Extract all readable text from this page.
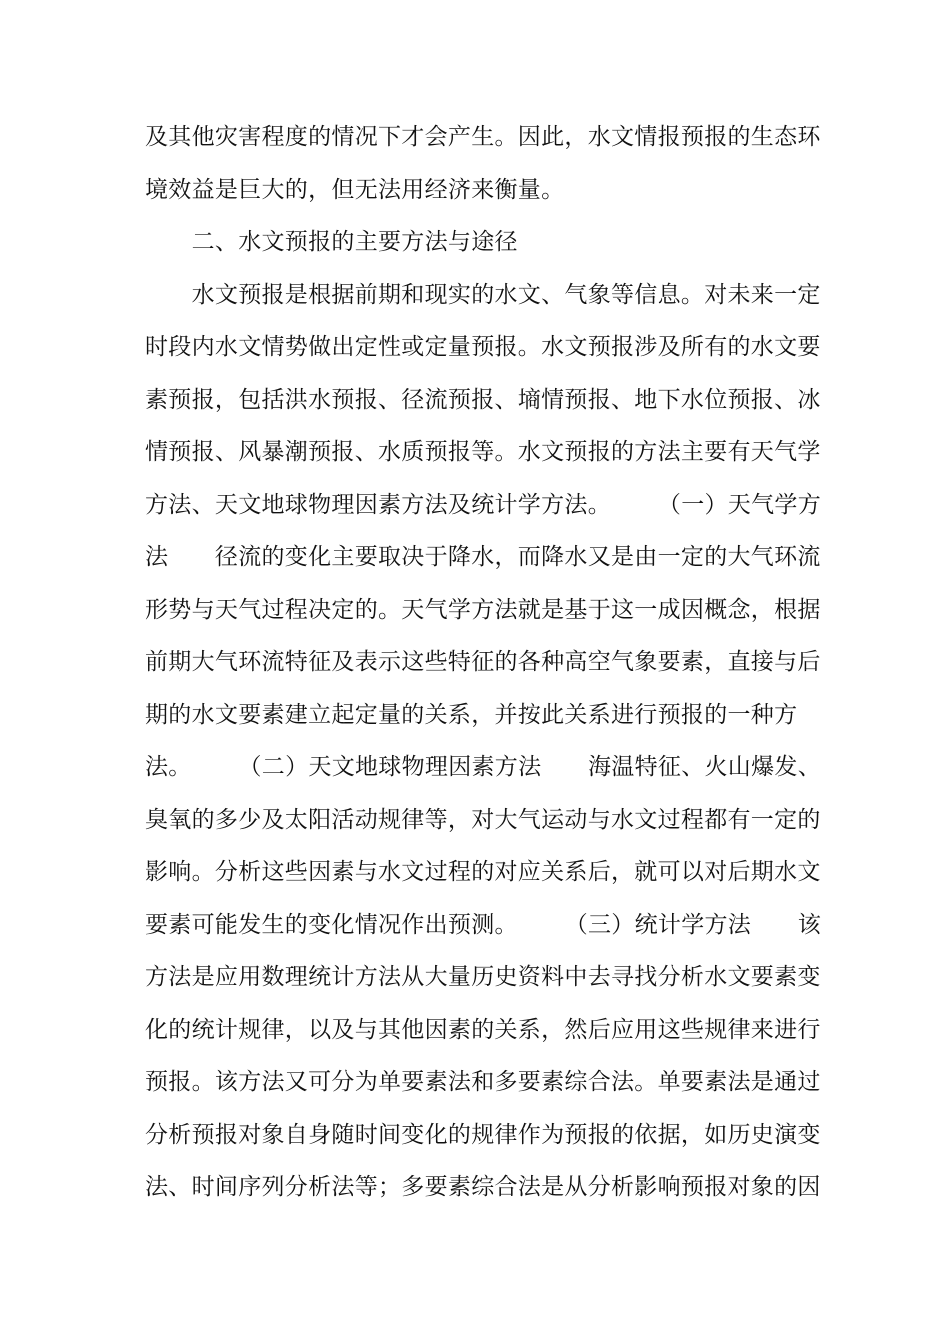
及其他灾害程度的情况下才会产生。因此，水文情报预报的生态环
境效益是巨大的，但无法用经济来衡量。
　　二、水文预报的主要方法与途径
　　水文预报是根据前期和现实的水文、气象等信息。对未来一定
时段内水文情势做出定性或定量预报。水文预报涉及所有的水文要
素预报，包括洪水预报、径流预报、墒情预报、地下水位预报、冰
情预报、风暴潮预报、水质预报等。水文预报的方法主要有天气学
方法、天文地球物理因素方法及统计学方法。　　　（一）天气学方
法　　径流的变化主要取决于降水，而降水又是由一定的大气环流
形势与天气过程决定的。天气学方法就是基于这一成因概念，根据
前期大气环流特征及表示这些特征的各种高空气象要素，直接与后
期的水文要素建立起定量的关系，并按此关系进行预报的一种方
法。　　　（二）天文地球物理因素方法　　海温特征、火山爆发、
臭氧的多少及太阳活动规律等，对大气运动与水文过程都有一定的
影响。分析这些因素与水文过程的对应关系后，就可以对后期水文
要素可能发生的变化情况作出预测。　　　（三）统计学方法　　该
方法是应用数理统计方法从大量历史资料中去寻找分析水文要素变
化的统计规律，以及与其他因素的关系，然后应用这些规律来进行
预报。该方法又可分为单要素法和多要素综合法。单要素法是通过
分析预报对象自身随时间变化的规律作为预报的依据，如历史演变
法、时间序列分析法等；多要素综合法是从分析影响预报对象的因
